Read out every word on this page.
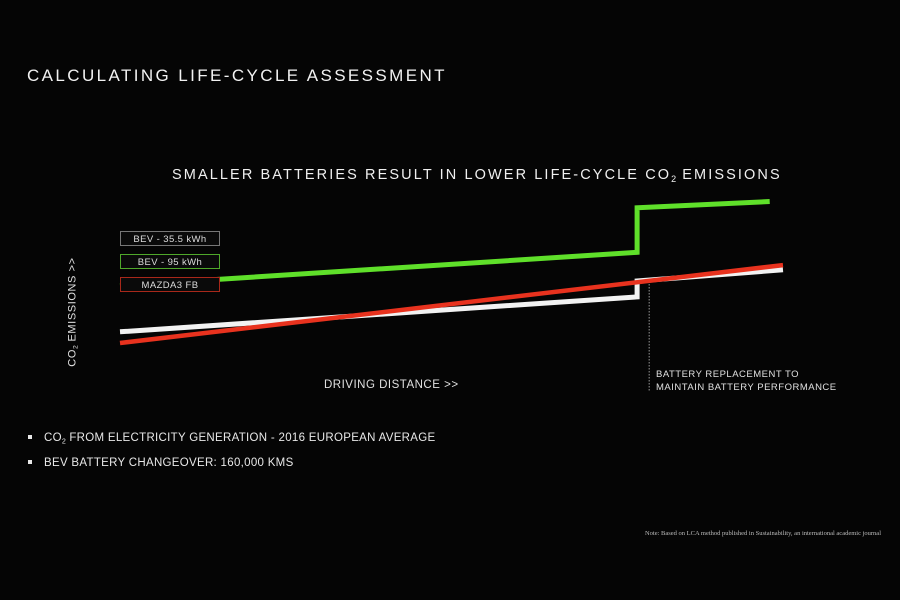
CALCULATING LIFE-CYCLE ASSESSMENT
SMALLER BATTERIES RESULT IN LOWER LIFE-CYCLE $CO_2$ EMISSIONS
BEV - 35.5 kWh
BEV - 95 kWh
MAZDA3 FB
$CO_2$ EMISSIONS >>
DRIVING DISTANCE >>
BATTERY REPLACEMENT TO
MAINTAIN BATTERY PERFORMANCE
$CO_2$ FROM ELECTRICITY GENERATION - 2016 EUROPEAN AVERAGE
BEV BATTERY CHANGEOVER: 160,000 KMS
Note: Based on LCA method published in Sustainability, an international academic journal
